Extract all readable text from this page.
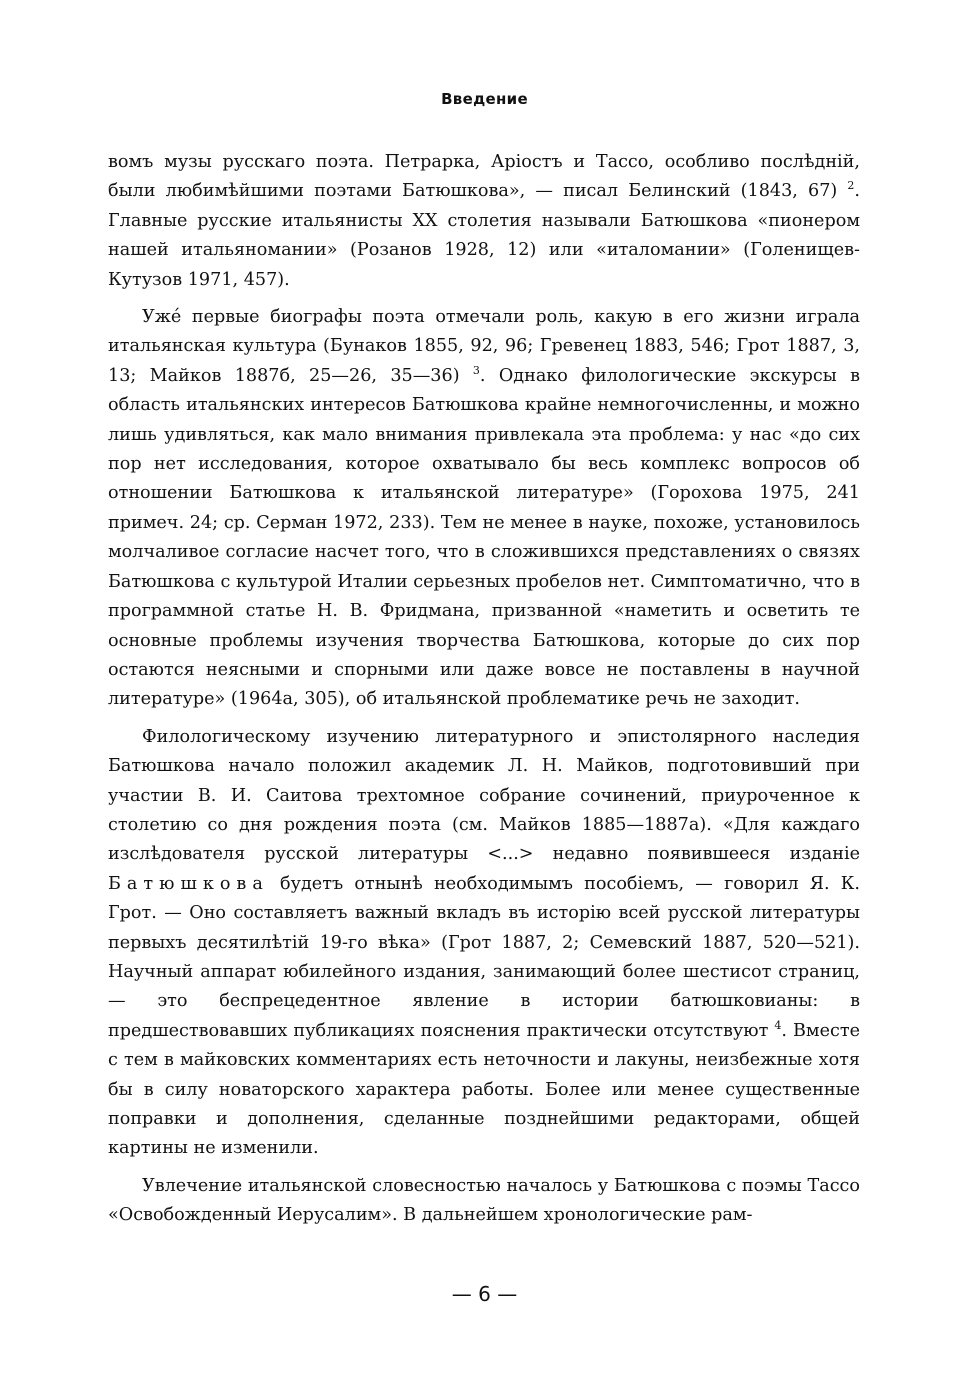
Введение

вомъ музы русскаго поэта. Петрарка, Аріостъ и Тассо, особливо послѣдній, были любимѣйшими поэтами Батюшкова», — писал Белинский (1843, 67) $^2$. Главные русские итальянисты XX столетия называли Батюшкова «пионером нашей итальяномании» (Розанов 1928, 12) или «италомании» (Голенищев-Кутузов 1971, 457).

Ужé первые биографы поэта отмечали роль, какую в его жизни играла итальянская культура (Бунаков 1855, 92, 96; Гревенец 1883, 546; Грот 1887, 3, 13; Майков 1887б, 25—26, 35—36) $^3$. Однако филологические экскурсы в область итальянских интересов Батюшкова крайне немногочисленны, и можно лишь удивляться, как мало внимания привлекала эта проблема: у нас «до сих пор нет исследования, которое охватывало бы весь комплекс вопросов об отношении Батюшкова к итальянской литературе» (Горохова 1975, 241 примеч. 24; ср. Серман 1972, 233). Тем не менее в науке, похоже, установилось молчаливое согласие насчет того, что в сложившихся представлениях о связях Батюшкова с культурой Италии серьезных пробелов нет. Симптоматично, что в программной статье Н. В. Фридмана, призванной «наметить и осветить те основные проблемы изучения творчества Батюшкова, которые до сих пор остаются неясными и спорными или даже вовсе не поставлены в научной литературе» (1964а, 305), об итальянской проблематике речь не заходит.

Филологическому изучению литературного и эпистолярного наследия Батюшкова начало положил академик Л. Н. Майков, подготовивший при участии В. И. Саитова трехтомное собрание сочинений, приуроченное к столетию со дня рождения поэта (см. Майков 1885—1887а). «Для каждаго изслѣдователя русской литературы <...> недавно появившееся изданіе Батюшкова будетъ отнынѣ необходимымъ пособіемъ, — говорил Я. К. Грот. — Оно составляетъ важный вкладъ въ исторію всей русской литературы первыхъ десятилѣтій 19-го вѣка» (Грот 1887, 2; Семевский 1887, 520—521). Научный аппарат юбилейного издания, занимающий более шестисот страниц, — это беспрецедентное явление в истории батюшковианы: в предшествовавших публикациях пояснения практически отсутствуют $^4$. Вместе с тем в майковских комментариях есть неточности и лакуны, неизбежные хотя бы в силу новаторского характера работы. Более или менее существенные поправки и дополнения, сделанные позднейшими редакторами, общей картины не изменили.

Увлечение итальянской словесностью началось у Батюшкова с поэмы Тассо «Освобожденный Иерусалим». В дальнейшем хронологические рам-

— 6 —
